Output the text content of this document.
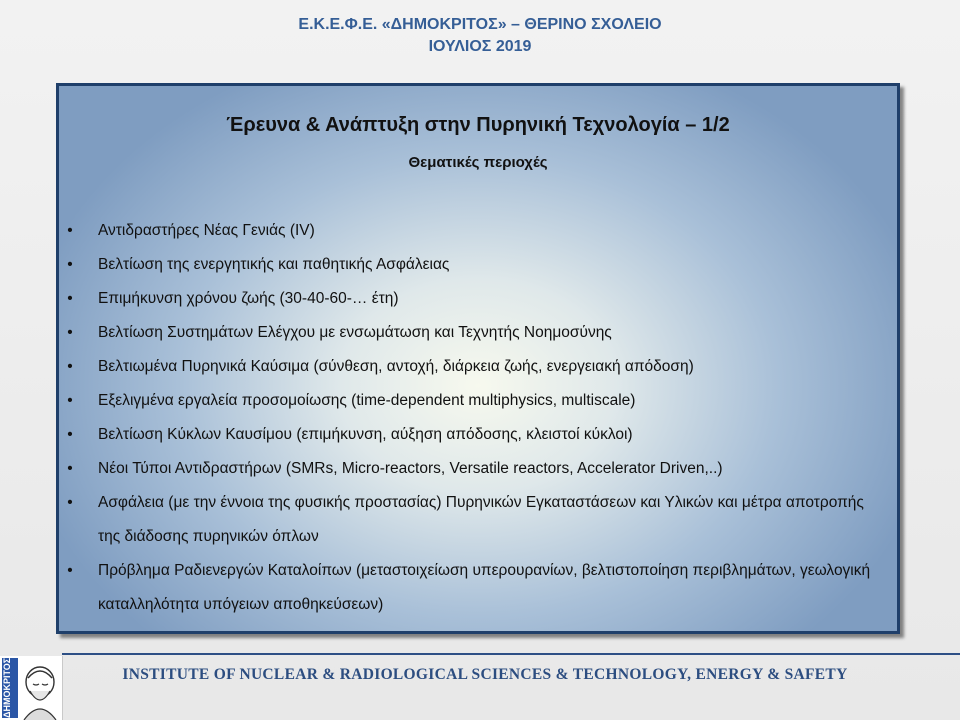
Ε.Κ.Ε.Φ.Ε. «ΔΗΜΟΚΡΙΤΟΣ» – ΘΕΡΙΝΟ ΣΧΟΛΕΙΟ
ΙΟΥΛΙΟΣ 2019
Έρευνα & Ανάπτυξη στην Πυρηνική Τεχνολογία – 1/2
Θεματικές περιοχές
• Αντιδραστήρες Νέας Γενιάς (IV)
• Βελτίωση της ενεργητικής και παθητικής Ασφάλειας
• Επιμήκυνση χρόνου ζωής (30-40-60-… έτη)
• Βελτίωση Συστημάτων Ελέγχου με ενσωμάτωση και Τεχνητής Νοημοσύνης
• Βελτιωμένα Πυρηνικά Καύσιμα (σύνθεση, αντοχή, διάρκεια ζωής, ενεργειακή απόδοση)
• Εξελιγμένα εργαλεία προσομοίωσης (time-dependent multiphysics, multiscale)
• Βελτίωση Κύκλων Καυσίμου (επιμήκυνση, αύξηση απόδοσης, κλειστοί κύκλοι)
• Νέοι Τύποι Αντιδραστήρων (SMRs, Micro-reactors, Versatile reactors, Accelerator Driven,..)
• Ασφάλεια (με την έννοια της φυσικής προστασίας) Πυρηνικών Εγκαταστάσεων και Υλικών και μέτρα αποτροπής της διάδοσης πυρηνικών όπλων
• Πρόβλημα Ραδιενεργών Καταλοίπων (μεταστοιχείωση υπερουρανίων, βελτιστοποίηση περιβλημάτων, γεωλογική καταλληλότητα υπόγειων αποθηκεύσεων)
ΔΗΜΟΚΡΙΤΟΣ	INSTITUTE OF NUCLEAR & RADIOLOGICAL SCIENCES & TECHNOLOGY, ENERGY & SAFETY
